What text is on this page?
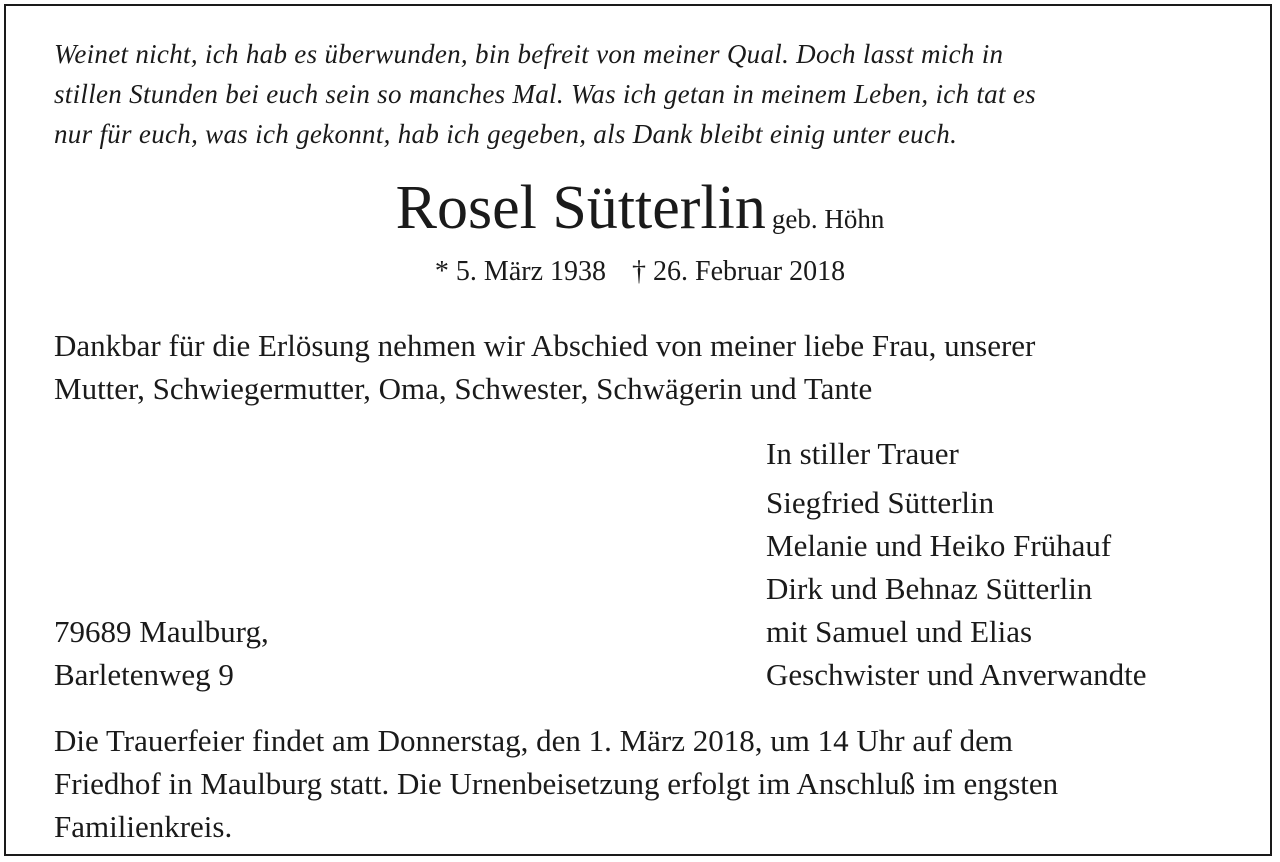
Weinet nicht, ich hab es überwunden, bin befreit von meiner Qual. Doch lasst mich in
stillen Stunden bei euch sein so manches Mal. Was ich getan in meinem Leben, ich tat es
nur für euch, was ich gekonnt, hab ich gegeben, als Dank bleibt einig unter euch.
Rosel Sütterlin geb. Höhn
* 5. März 1938 † 26. Februar 2018
Dankbar für die Erlösung nehmen wir Abschied von meiner liebe Frau, unserer
Mutter, Schwiegermutter, Oma, Schwester, Schwägerin und Tante
In stiller Trauer
Siegfried Sütterlin
Melanie und Heiko Frühauf
Dirk und Behnaz Sütterlin
mit Samuel und Elias
Geschwister und Anverwandte
79689 Maulburg,
Barletenweg 9
Die Trauerfeier findet am Donnerstag, den 1. März 2018, um 14 Uhr auf dem
Friedhof in Maulburg statt. Die Urnenbeisetzung erfolgt im Anschluß im engsten
Familienkreis.
